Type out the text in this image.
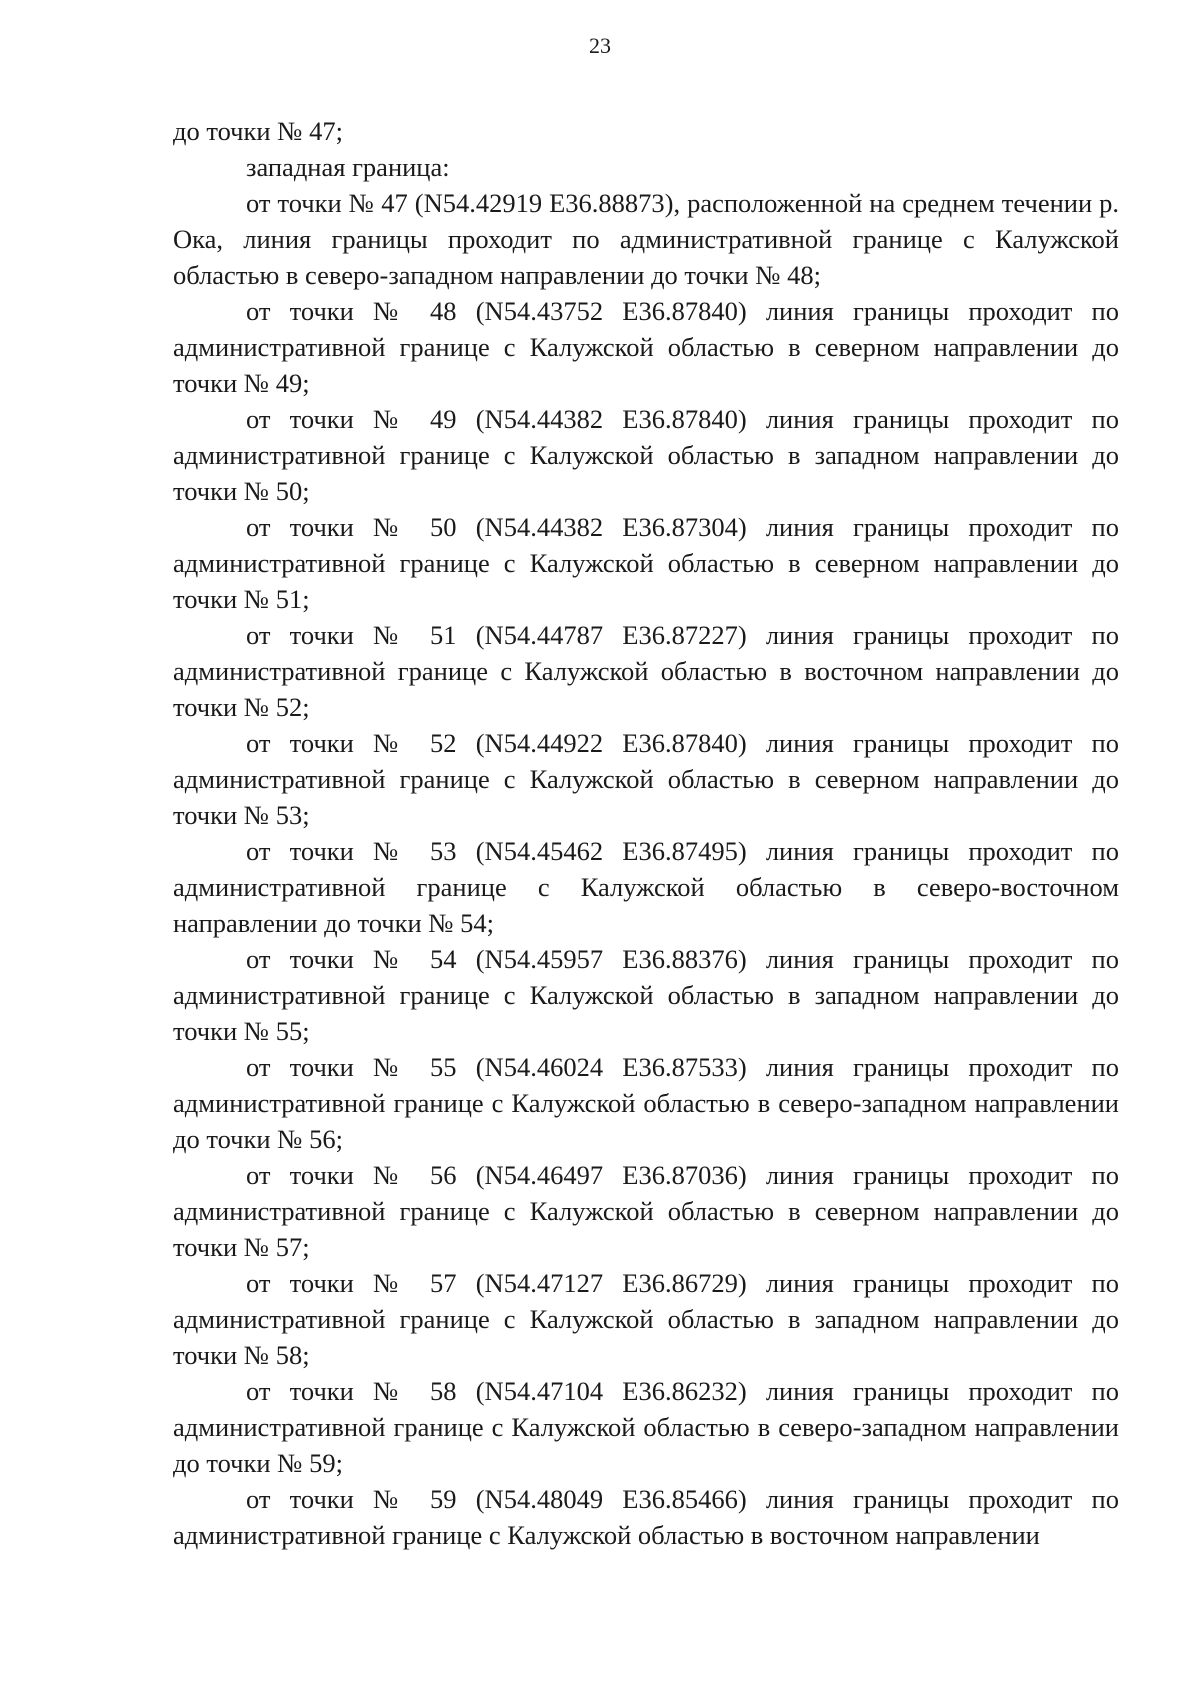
23

до точки № 47;

западная граница:

от точки № 47 (N54.42919 E36.88873), расположенной на среднем течении р. Ока, линия границы проходит по административной границе с Калужской областью в северо-западном направлении до точки № 48;

от точки № 48 (N54.43752 E36.87840) линия границы проходит по административной границе с Калужской областью в северном направлении до точки № 49;

от точки № 49 (N54.44382 E36.87840) линия границы проходит по административной границе с Калужской областью в западном направлении до точки № 50;

от точки № 50 (N54.44382 E36.87304) линия границы проходит по административной границе с Калужской областью в северном направлении до точки № 51;

от точки № 51 (N54.44787 E36.87227) линия границы проходит по административной границе с Калужской областью в восточном направлении до точки № 52;

от точки № 52 (N54.44922 E36.87840) линия границы проходит по административной границе с Калужской областью в северном направлении до точки № 53;

от точки № 53 (N54.45462 E36.87495) линия границы проходит по административной границе с Калужской областью в северо-восточном направлении до точки № 54;

от точки № 54 (N54.45957 E36.88376) линия границы проходит по административной границе с Калужской областью в западном направлении до точки № 55;

от точки № 55 (N54.46024 E36.87533) линия границы проходит по административной границе с Калужской областью в северо-западном направлении до точки № 56;

от точки № 56 (N54.46497 E36.87036) линия границы проходит по административной границе с Калужской областью в северном направлении до точки № 57;

от точки № 57 (N54.47127 E36.86729) линия границы проходит по административной границе с Калужской областью в западном направлении до точки № 58;

от точки № 58 (N54.47104 E36.86232) линия границы проходит по административной границе с Калужской областью в северо-западном направлении до точки № 59;

от точки № 59 (N54.48049 E36.85466) линия границы проходит по административной границе с Калужской областью в восточном направлении
